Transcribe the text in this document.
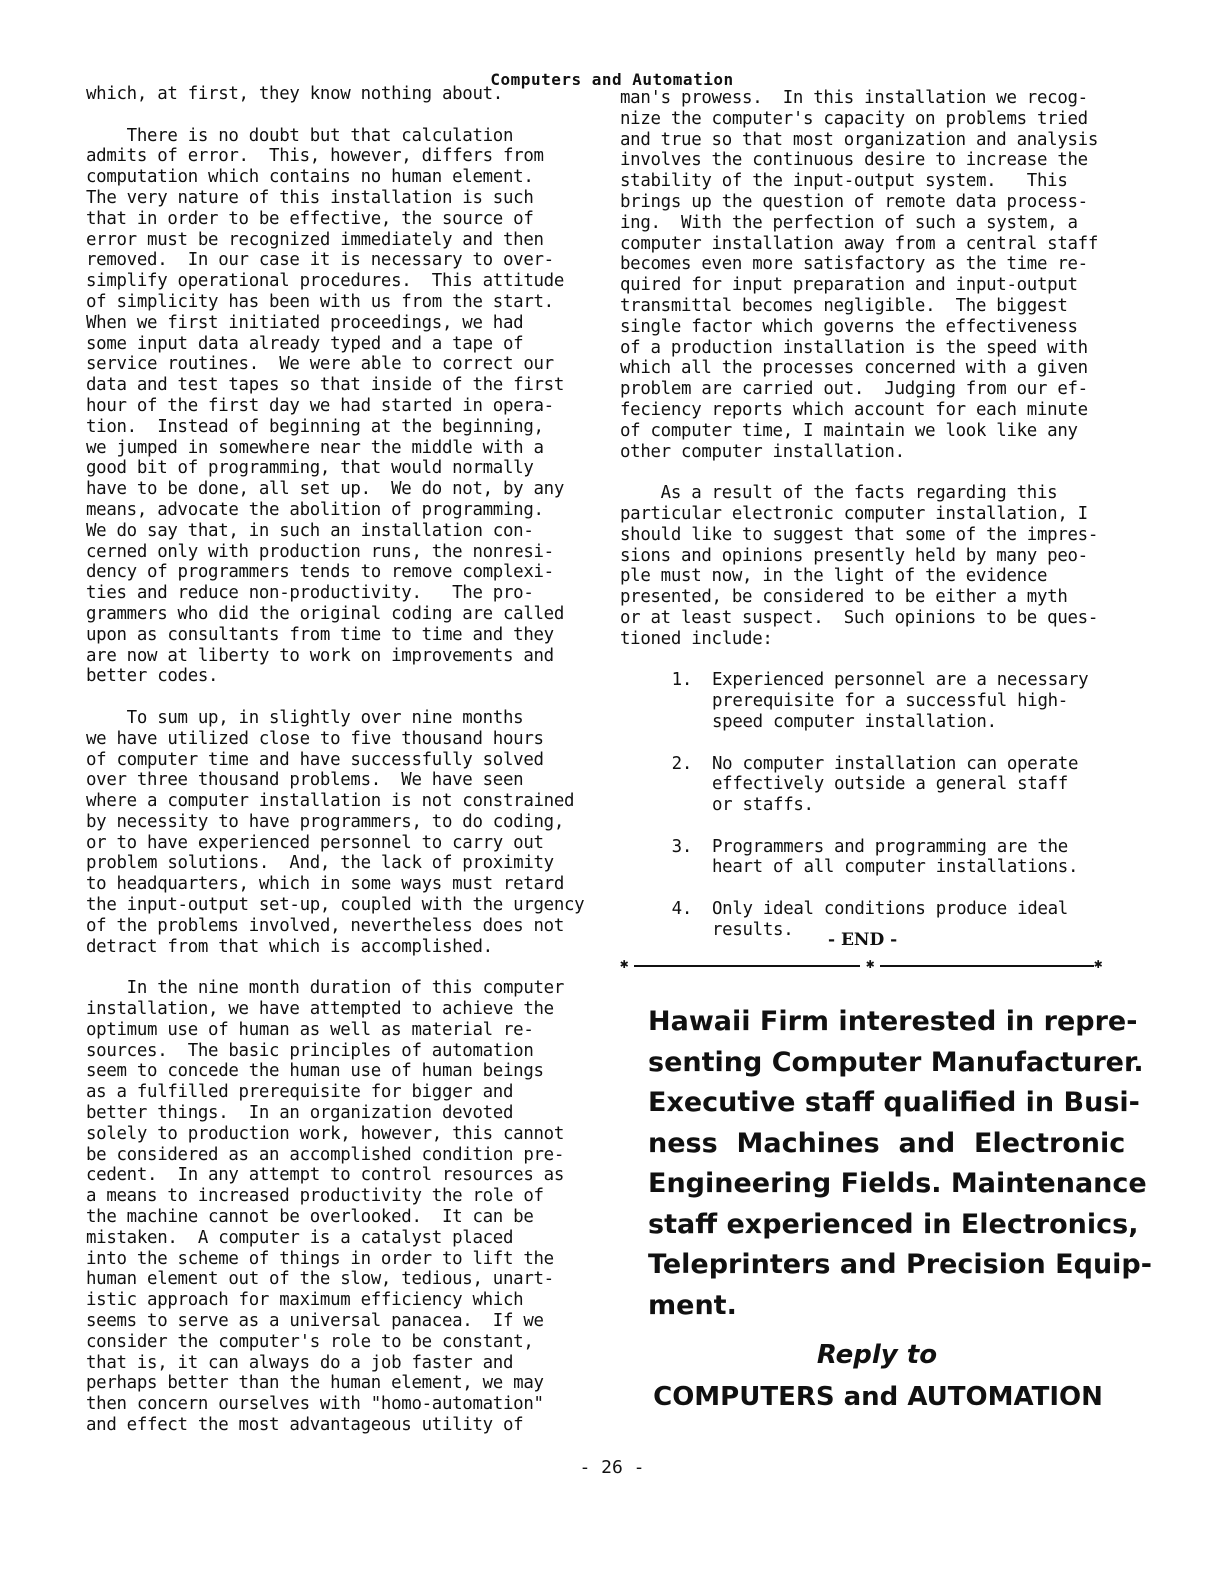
Computers and Automation
which, at first, they know nothing about.
There is no doubt but that calculation
admits of error.  This, however, differs from
computation which contains no human element.
The very nature of this installation is such
that in order to be effective, the source of
error must be recognized immediately and then
removed.  In our case it is necessary to over-
simplify operational procedures.  This attitude
of simplicity has been with us from the start.
When we first initiated proceedings, we had
some input data already typed and a tape of
service routines.  We were able to correct our
data and test tapes so that inside of the first
hour of the first day we had started in opera-
tion.  Instead of beginning at the beginning,
we jumped in somewhere near the middle with a
good bit of programming, that would normally
have to be done, all set up.  We do not, by any
means, advocate the abolition of programming.
We do say that, in such an installation con-
cerned only with production runs, the nonresi-
dency of programmers tends to remove complexi-
ties and reduce non-productivity.   The pro-
grammers who did the original coding are called
upon as consultants from time to time and they
are now at liberty to work on improvements and
better codes.
To sum up, in slightly over nine months
we have utilized close to five thousand hours
of computer time and have successfully solved
over three thousand problems.  We have seen
where a computer installation is not constrained
by necessity to have programmers, to do coding,
or to have experienced personnel to carry out
problem solutions.  And, the lack of proximity
to headquarters, which in some ways must retard
the input-output set-up, coupled with the urgency
of the problems involved, nevertheless does not
detract from that which is accomplished.
In the nine month duration of this computer
installation, we have attempted to achieve the
optimum use of human as well as material re-
sources.  The basic principles of automation
seem to concede the human use of human beings
as a fulfilled prerequisite for bigger and
better things.  In an organization devoted
solely to production work, however, this cannot
be considered as an accomplished condition pre-
cedent.  In any attempt to control resources as
a means to increased productivity the role of
the machine cannot be overlooked.  It can be
mistaken.  A computer is a catalyst placed
into the scheme of things in order to lift the
human element out of the slow, tedious, unart-
istic approach for maximum efficiency which
seems to serve as a universal panacea.  If we
consider the computer's role to be constant,
that is, it can always do a job faster and
perhaps better than the human element, we may
then concern ourselves with "homo-automation"
and effect the most advantageous utility of
man's prowess.  In this installation we recog-
nize the computer's capacity on problems tried
and true so that most organization and analysis
involves the continuous desire to increase the
stability of the input-output system.   This
brings up the question of remote data process-
ing.  With the perfection of such a system, a
computer installation away from a central staff
becomes even more satisfactory as the time re-
quired for input preparation and input-output
transmittal becomes negligible.  The biggest
single factor which governs the effectiveness
of a production installation is the speed with
which all the processes concerned with a given
problem are carried out.  Judging from our ef-
feciency reports which account for each minute
of computer time, I maintain we look like any
other computer installation.
As a result of the facts regarding this
particular electronic computer installation, I
should like to suggest that some of the impres-
sions and opinions presently held by many peo-
ple must now, in the light of the evidence
presented, be considered to be either a myth
or at least suspect.  Such opinions to be ques-
tioned include:
1.	Experienced personnel are a necessary
prerequisite for a successful high-
speed computer installation.
2.	No computer installation can operate
effectively outside a general staff
or staffs.
3.	Programmers and programming are the
heart of all computer installations.
4.	Only ideal conditions produce ideal
results.
- END -
✱	✱	✱
Hawaii Firm interested in repre-
senting Computer Manufacturer.
Executive staff qualified in Busi-
ness  Machines  and  Electronic
Engineering Fields. Maintenance
staff experienced in Electronics,
Teleprinters and Precision Equip-
ment.
Reply to
COMPUTERS and AUTOMATION
- 26 -
